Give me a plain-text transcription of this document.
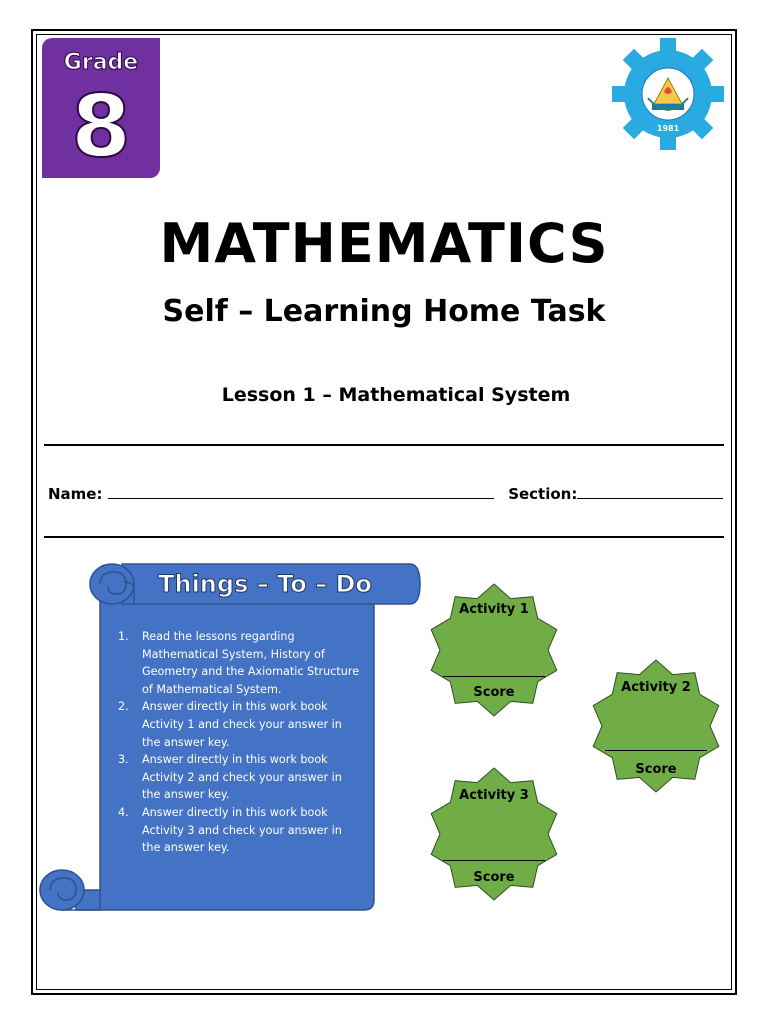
Grade
8	1981
MATHEMATICS
Self – Learning Home Task
Lesson 1 – Mathematical System
Name:	Section:
Things – To – Do
1. Read the lessons regarding Mathematical System, History of Geometry and the Axiomatic Structure of Mathematical System.
2. Answer directly in this work book Activity 1 and check your answer in the answer key.
3. Answer directly in this work book Activity 2 and check your answer in the answer key.
4. Answer directly in this work book Activity 3 and check your answer in the answer key.
Activity 1
Score	Activity 2
Score
Activity 3
Score
